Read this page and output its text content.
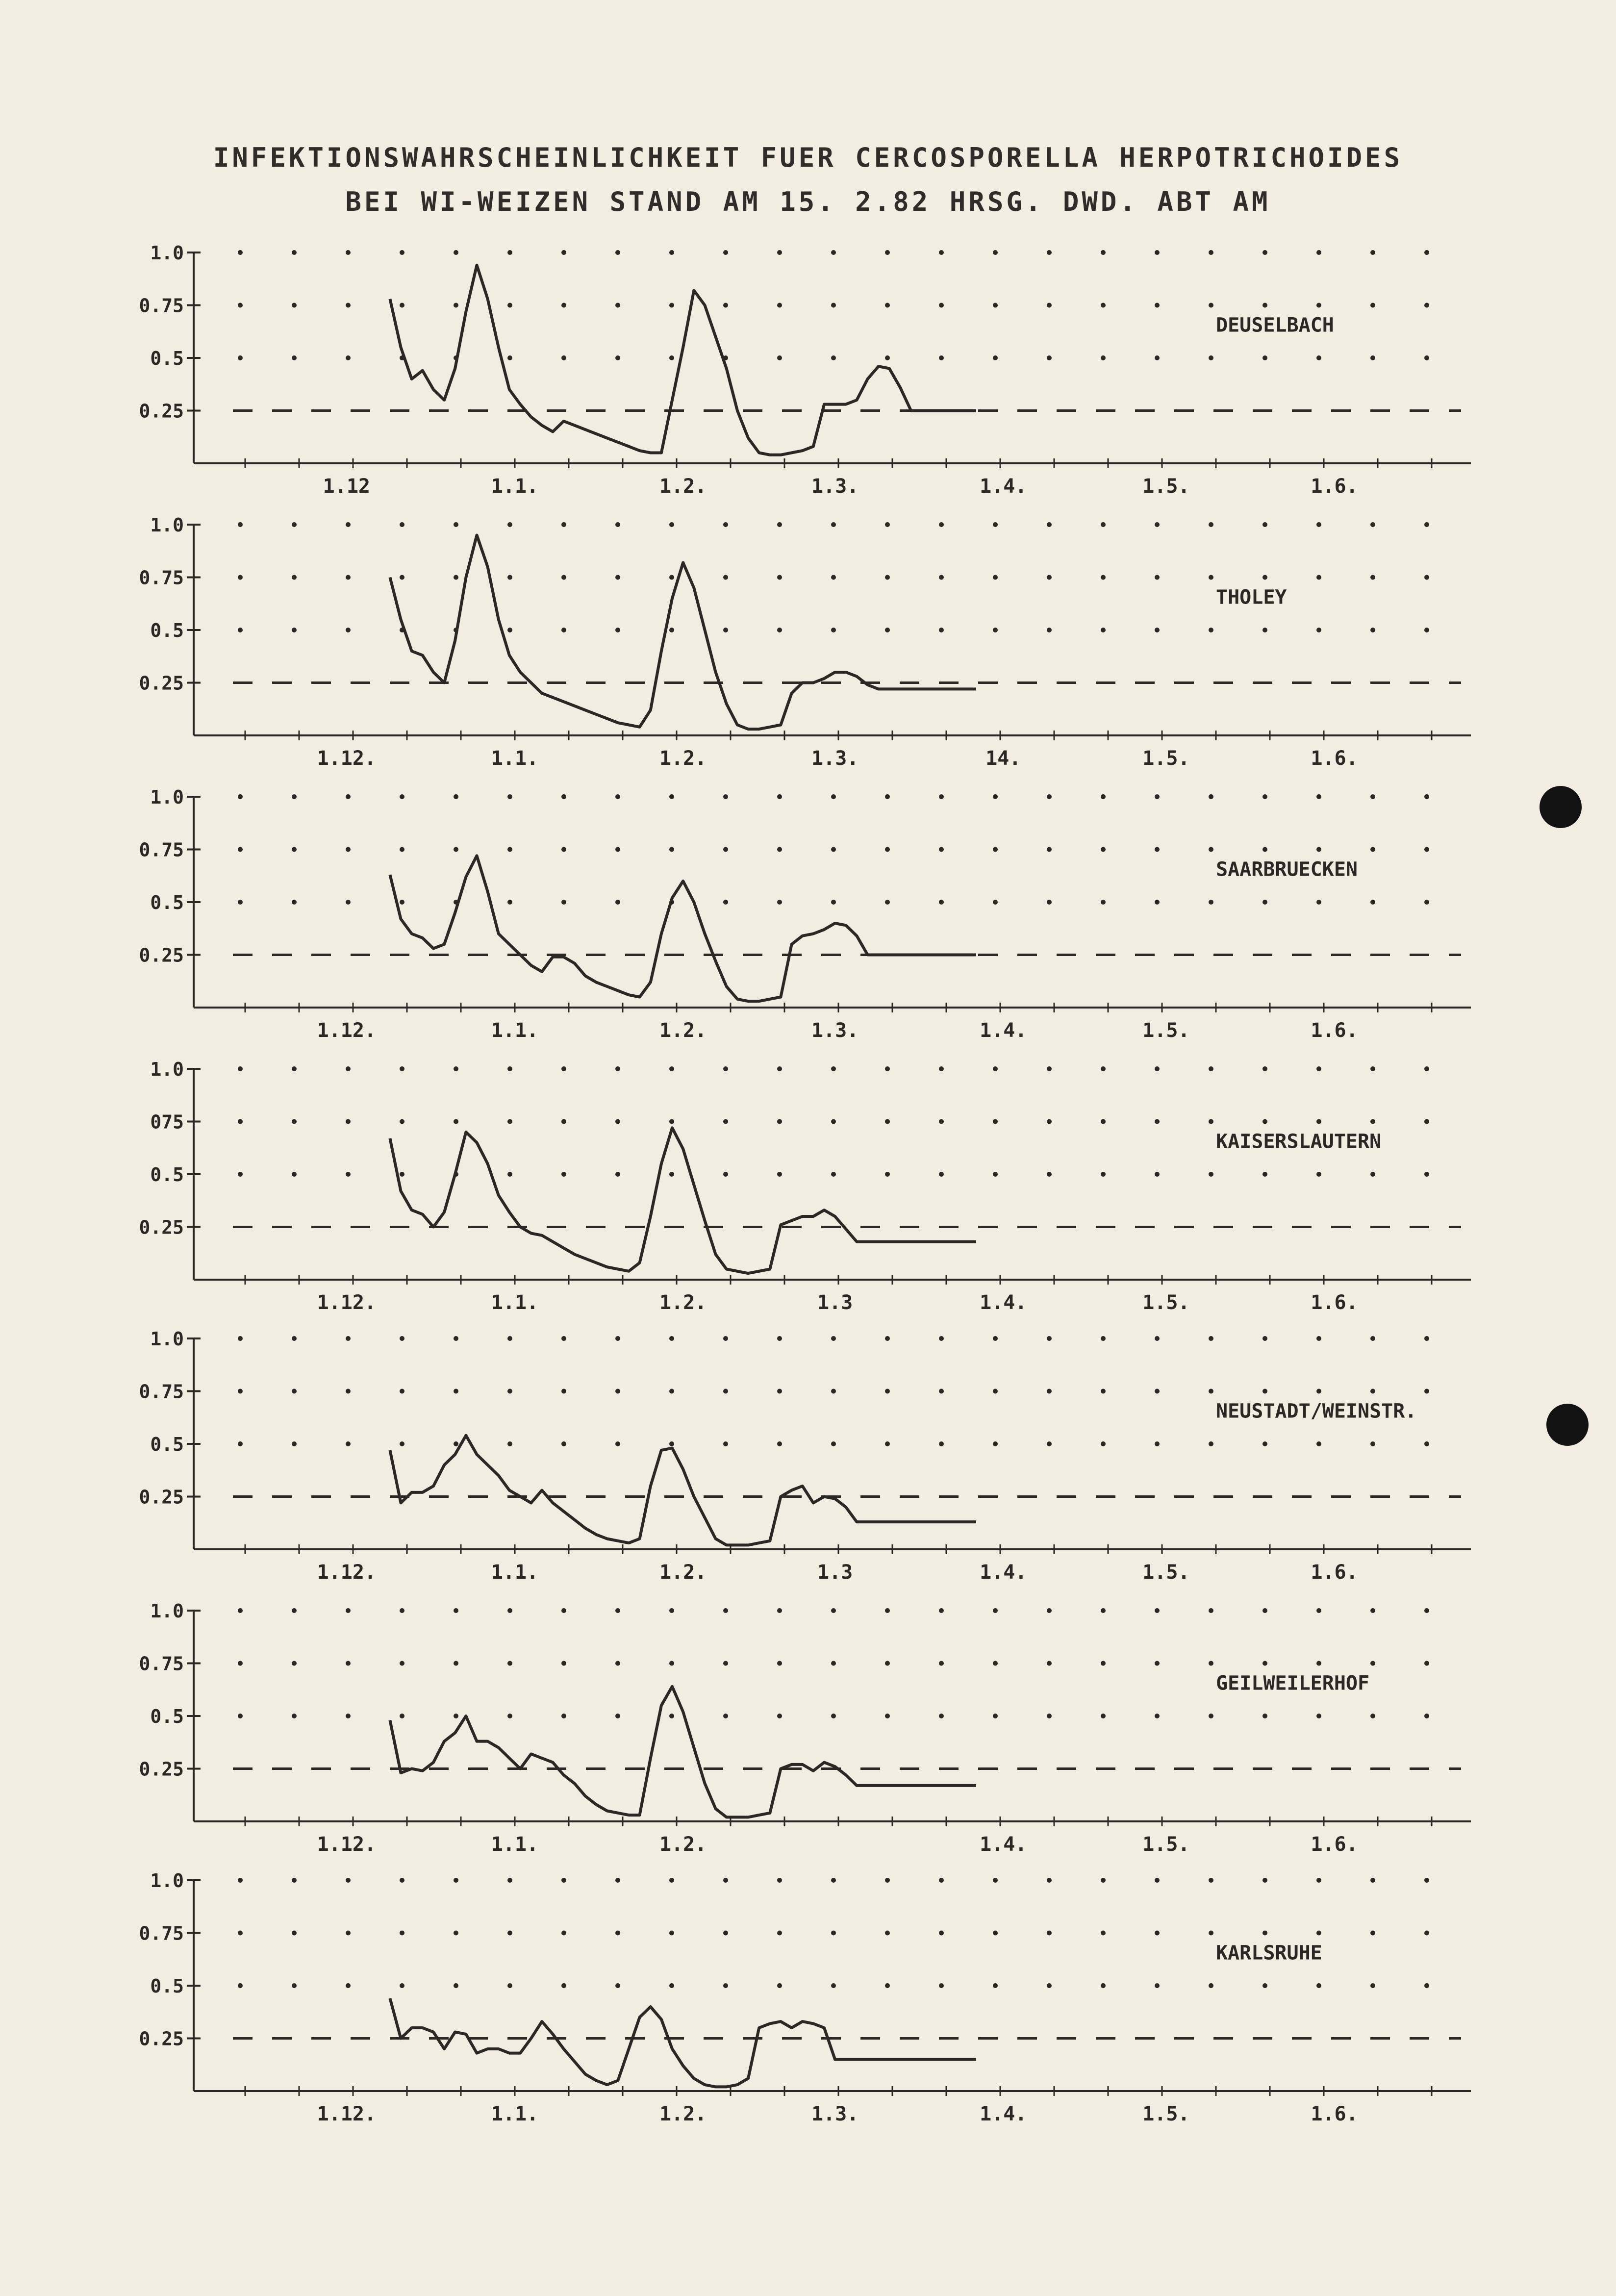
INFEKTIONSWAHRSCHEINLICHKEIT FUER CERCOSPORELLA HERPOTRICHOIDES
BEI WI-WEIZEN STAND AM 15. 2.82 HRSG. DWD. ABT AM
1.0
0.75
0.5
0.25
1.12	1.1.	1.2.	1.3.	1.4.	1.5.	1.6.
DEUSELBACH
1.0
0.75
0.5
0.25
1.12.	1.1.	1.2.	1.3.	14.	1.5.	1.6.
THOLEY
1.0
0.75
0.5
0.25
1.12.	1.1.	1.2.	1.3.	1.4.	1.5.	1.6.
SAARBRUECKEN
1.0
075
0.5
0.25
1.12.	1.1.	1.2.	1.3	1.4.	1.5.	1.6.
KAISERSLAUTERN
1.0
0.75
0.5
0.25
1.12.	1.1.	1.2.	1.3	1.4.	1.5.	1.6.
NEUSTADT/WEINSTR.
1.0
0.75
0.5
0.25
1.12.	1.1.	1.2.	1.4.	1.5.	1.6.
GEILWEILERHOF
1.0
0.75
0.5
0.25
1.12.	1.1.	1.2.	1.3.	1.4.	1.5.	1.6.
KARLSRUHE
